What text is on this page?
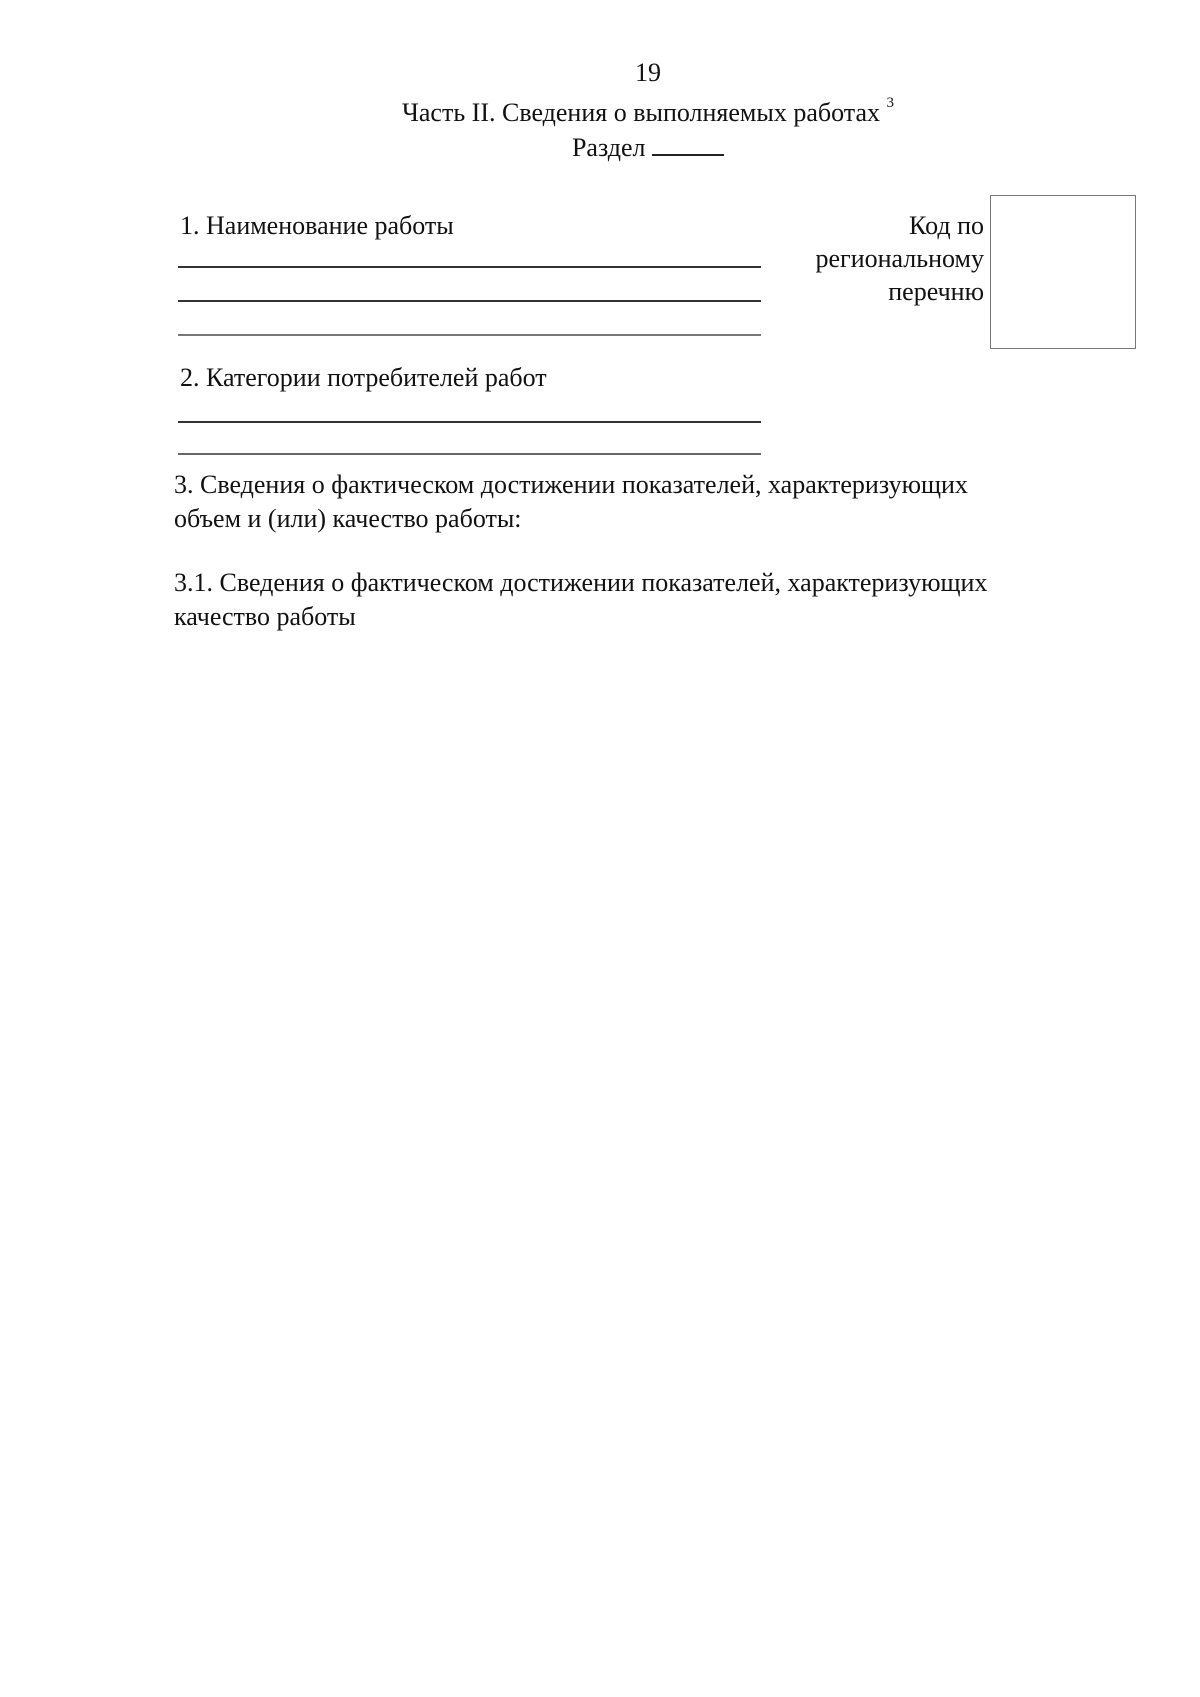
19
Часть II. Сведения о выполняемых работах $^3$
Раздел
1. Наименование работы	Код по
региональному
перечню
2. Категории потребителей работ
3. Сведения о фактическом достижении показателей, характеризующих
объем и (или) качество работы:
3.1. Сведения о фактическом достижении показателей, характеризующих
качество работы
